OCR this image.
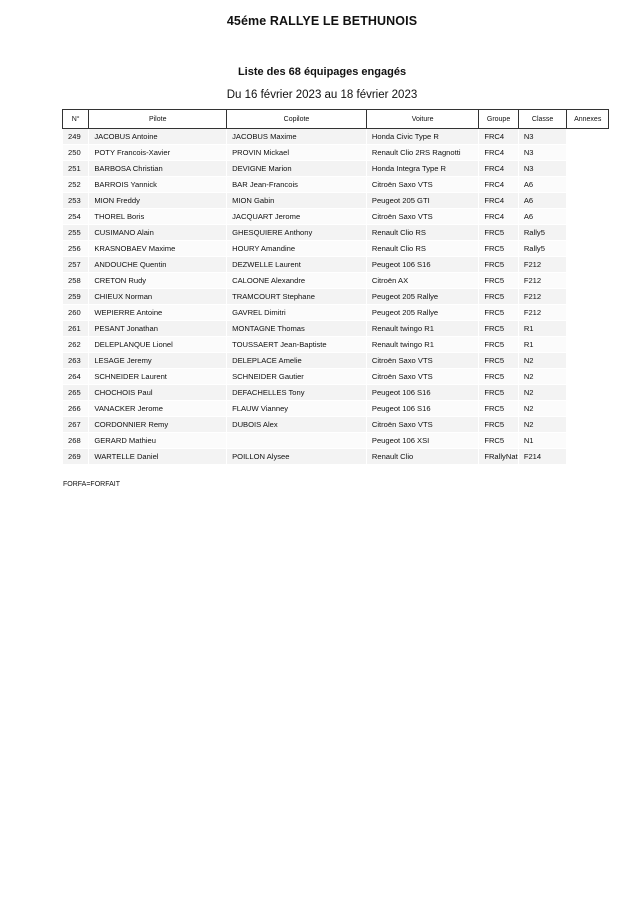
45éme RALLYE LE BETHUNOIS
Liste des 68 équipages engagés
Du 16 février 2023 au 18 février 2023
N°	Pilote	Copilote	Voiture	Groupe	Classe	Annexes
249	JACOBUS Antoine	JACOBUS Maxime	Honda Civic Type R	FRC4	N3	
250	POTY Francois-Xavier	PROVIN Mickael	Renault Clio 2RS Ragnotti	FRC4	N3	
251	BARBOSA Christian	DEVIGNE Marion	Honda Integra Type R	FRC4	N3	
252	BARROIS Yannick	BAR Jean-Francois	Citroën Saxo VTS	FRC4	A6	
253	MION Freddy	MION Gabin	Peugeot 205 GTI	FRC4	A6	
254	THOREL Boris	JACQUART Jerome	Citroën Saxo VTS	FRC4	A6	
255	CUSIMANO Alain	GHESQUIERE Anthony	Renault Clio RS	FRC5	Rally5	
256	KRASNOBAEV Maxime	HOURY Amandine	Renault Clio RS	FRC5	Rally5	
257	ANDOUCHE Quentin	DEZWELLE Laurent	Peugeot 106 S16	FRC5	F212	
258	CRETON Rudy	CALOONE Alexandre	Citroën AX	FRC5	F212	
259	CHIEUX Norman	TRAMCOURT Stephane	Peugeot 205 Rallye	FRC5	F212	
260	WEPIERRE Antoine	GAVREL Dimitri	Peugeot 205 Rallye	FRC5	F212	
261	PESANT Jonathan	MONTAGNE Thomas	Renault twingo R1	FRC5	R1	
262	DELEPLANQUE Lionel	TOUSSAERT Jean-Baptiste	Renault twingo R1	FRC5	R1	
263	LESAGE Jeremy	DELEPLACE Amelie	Citroën Saxo VTS	FRC5	N2	
264	SCHNEIDER Laurent	SCHNEIDER Gautier	Citroën Saxo VTS	FRC5	N2	
265	CHOCHOIS Paul	DEFACHELLES Tony	Peugeot 106 S16	FRC5	N2	
266	VANACKER Jerome	FLAUW Vianney	Peugeot 106 S16	FRC5	N2	
267	CORDONNIER Remy	DUBOIS Alex	Citroën Saxo VTS	FRC5	N2	
268	GERARD Mathieu		Peugeot 106 XSI	FRC5	N1	
269	WARTELLE Daniel	POILLON Alysee	Renault Clio	FRallyNat	F214	
FORFA=FORFAIT
